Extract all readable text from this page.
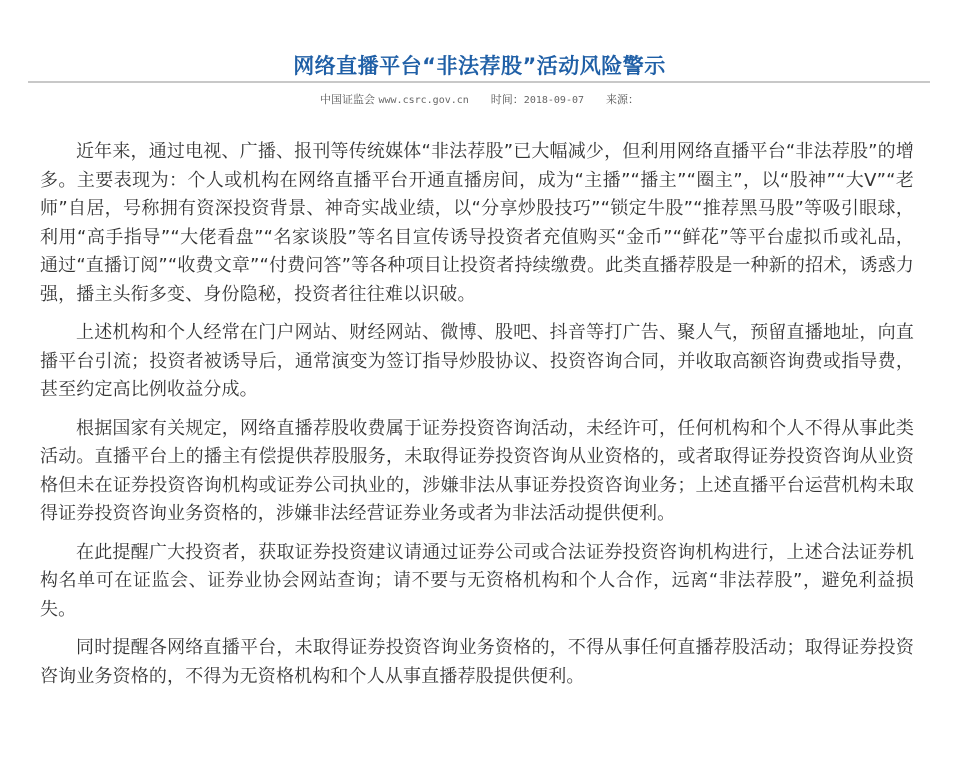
网络直播平台“非法荐股”活动风险警示
中国证监会 www.csrc.gov.cn 时间：2018-09-07 来源：

近年来，通过电视、广播、报刊等传统媒体“非法荐股”已大幅减少，但利用网络直播平台“非法荐股”的增多。主要表现为：个人或机构在网络直播平台开通直播房间，成为“主播”“播主”“圈主”，以“股神”“大V”“老师”自居，号称拥有资深投资背景、神奇实战业绩，以“分享炒股技巧”“锁定牛股”“推荐黑马股”等吸引眼球，利用“高手指导”“大佬看盘”“名家谈股”等名目宣传诱导投资者充值购买“金币”“鲜花”等平台虚拟币或礼品，通过“直播订阅”“收费文章”“付费问答”等各种项目让投资者持续缴费。此类直播荐股是一种新的招术，诱惑力强，播主头衔多变、身份隐秘，投资者往往难以识破。

上述机构和个人经常在门户网站、财经网站、微博、股吧、抖音等打广告、聚人气，预留直播地址，向直播平台引流；投资者被诱导后，通常演变为签订指导炒股协议、投资咨询合同，并收取高额咨询费或指导费，甚至约定高比例收益分成。

根据国家有关规定，网络直播荐股收费属于证券投资咨询活动，未经许可，任何机构和个人不得从事此类活动。直播平台上的播主有偿提供荐股服务，未取得证券投资咨询从业资格的，或者取得证券投资咨询从业资格但未在证券投资咨询机构或证券公司执业的，涉嫌非法从事证券投资咨询业务；上述直播平台运营机构未取得证券投资咨询业务资格的，涉嫌非法经营证券业务或者为非法活动提供便利。

在此提醒广大投资者，获取证券投资建议请通过证券公司或合法证券投资咨询机构进行，上述合法证券机构名单可在证监会、证券业协会网站查询；请不要与无资格机构和个人合作，远离“非法荐股”，避免利益损失。

同时提醒各网络直播平台，未取得证券投资咨询业务资格的，不得从事任何直播荐股活动；取得证券投资咨询业务资格的，不得为无资格机构和个人从事直播荐股提供便利。
